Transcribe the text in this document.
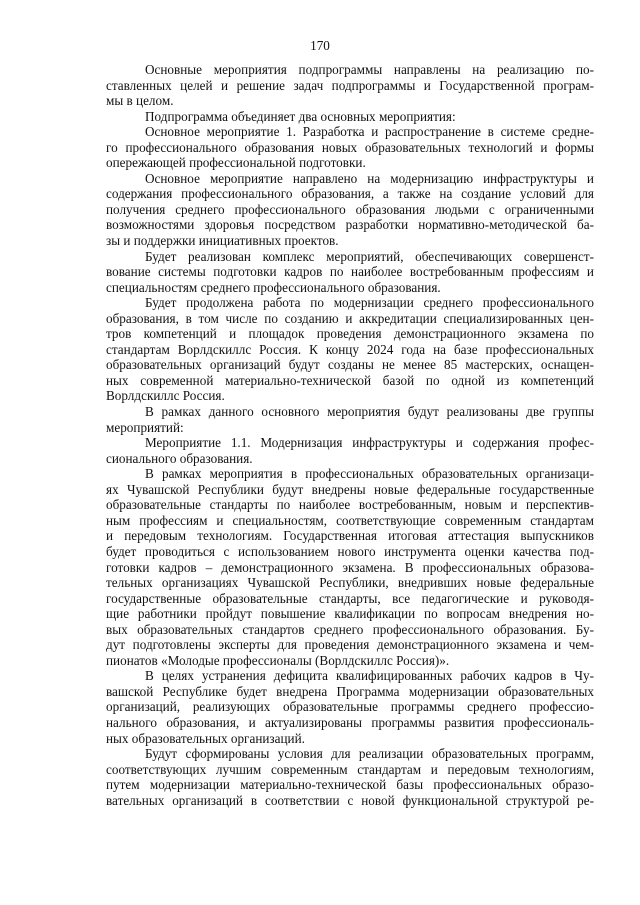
170
Основные мероприятия подпрограммы направлены на реализацию по-
ставленных целей и решение задач подпрограммы и Государственной програм-
мы в целом.
Подпрограмма объединяет два основных мероприятия:
Основное мероприятие 1. Разработка и распространение в системе средне-
го профессионального образования новых образовательных технологий и формы
опережающей профессиональной подготовки.
Основное мероприятие направлено на модернизацию инфраструктуры и
содержания профессионального образования, а также на создание условий для
получения среднего профессионального образования людьми с ограниченными
возможностями здоровья посредством разработки нормативно-методической ба-
зы и поддержки инициативных проектов.
Будет реализован комплекс мероприятий, обеспечивающих совершенст-
вование системы подготовки кадров по наиболее востребованным профессиям и
специальностям среднего профессионального образования.
Будет продолжена работа по модернизации среднего профессионального
образования, в том числе по созданию и аккредитации специализированных цен-
тров компетенций и площадок проведения демонстрационного экзамена по
стандартам Ворлдскиллс Россия. К концу 2024 года на базе профессиональных
образовательных организаций будут созданы не менее 85 мастерских, оснащен-
ных современной материально-технической базой по одной из компетенций
Ворлдскиллс Россия.
В рамках данного основного мероприятия будут реализованы две группы
мероприятий:
Мероприятие 1.1. Модернизация инфраструктуры и содержания профес-
сионального образования.
В рамках мероприятия в профессиональных образовательных организаци-
ях Чувашской Республики будут внедрены новые федеральные государственные
образовательные стандарты по наиболее востребованным, новым и перспектив-
ным профессиям и специальностям, соответствующие современным стандартам
и передовым технологиям. Государственная итоговая аттестация выпускников
будет проводиться с использованием нового инструмента оценки качества под-
готовки кадров – демонстрационного экзамена. В профессиональных образова-
тельных организациях Чувашской Республики, внедривших новые федеральные
государственные образовательные стандарты, все педагогические и руководя-
щие работники пройдут повышение квалификации по вопросам внедрения но-
вых образовательных стандартов среднего профессионального образования. Бу-
дут подготовлены эксперты для проведения демонстрационного экзамена и чем-
пионатов «Молодые профессионалы (Ворлдскиллс Россия)».
В целях устранения дефицита квалифицированных рабочих кадров в Чу-
вашской Республике будет внедрена Программа модернизации образовательных
организаций, реализующих образовательные программы среднего профессио-
нального образования, и актуализированы программы развития профессиональ-
ных образовательных организаций.
Будут сформированы условия для реализации образовательных программ,
соответствующих лучшим современным стандартам и передовым технологиям,
путем модернизации материально-технической базы профессиональных образо-
вательных организаций в соответствии с новой функциональной структурой ре-
